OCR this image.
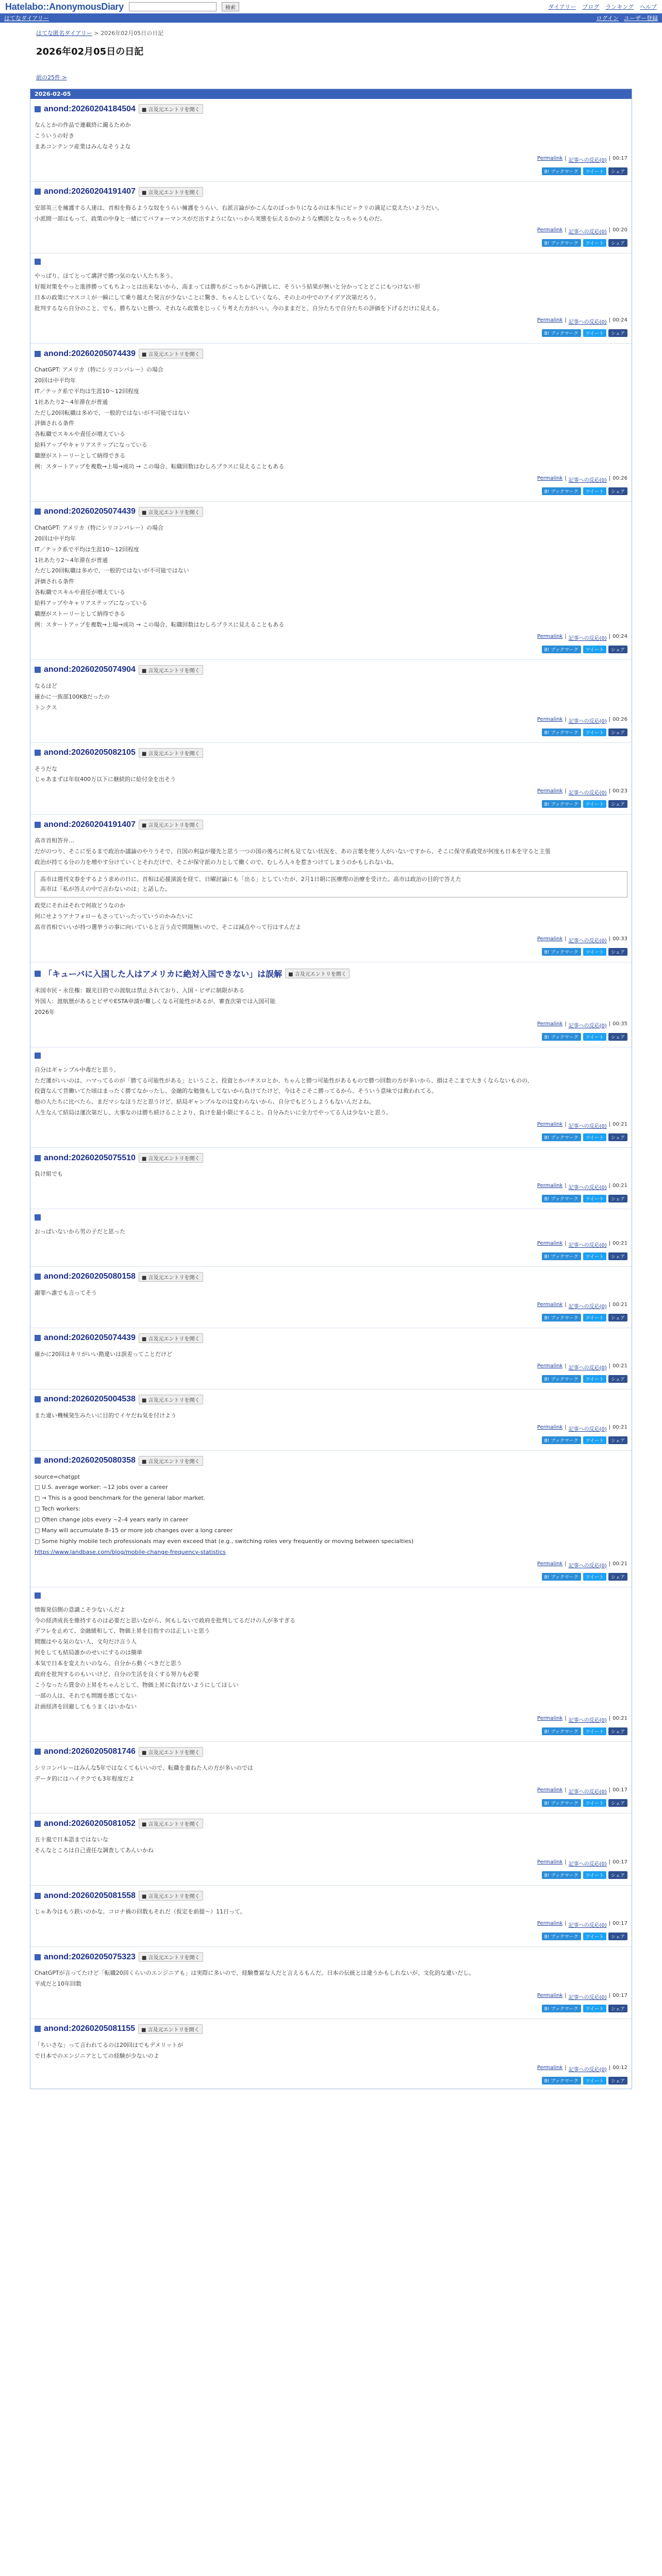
Hatelabo::AnonymousDiary	検索	ダイアリー ブログ ランキング ヘルプ
はてなダイアリー	ログイン ユーザー登録
はてな匿名ダイアリー > 2026年02月05日の日記
2026年02月05日の日記
前の25件 >
2026-02-05
anond:20260204184504	■ 言及元エントリを開く

なんとかの作品で連載終に撮るためか

こういうの好き

まあコンテンツ産業はみんなそうよな

Permalink | 記事への反応(0) | 00:17
B! ブックマーク	ツイート	シェア
anond:20260204191407	■ 言及元エントリを開く

安部英三を擁護する人達は、首相を侮るような奴をうらい擁護をうらい、右派言論がかこんなのばっかりになるのは本当にビックリの満足に変えたいようだい。

小派間一部はもって、政策の中身と一緒にてパフォーマンスがだ出すようにないっから実態を伝えるかのような構図となっちゃうものだ。

Permalink | 記事への反応(0) | 00:20
B! ブックマーク	ツイート	シェア

やっぱり、ほてとって講評で勝つ気のない人たち多う。

好報対策をやっと進捗勝ってもちよっとは出来ないから、高まっては勝ちがこっちから評価しに、そういう結果が無いと分かってとどこにもつけない形

日本の政策にマスコミが一瞬にして乗り越えた発言が少ないことに驚き、ちゃんとしていくなら、その上の中でのアイデア次第だろう。

批判するなら自分のこと、でも、勝ちないと勝つ、それなら政策をじっくり考えた方がいい。今のままだと、自分たちで自分たちの評価を下げるだけに見える。

Permalink | 記事への反応(0) | 00:24
B! ブックマーク	ツイート	シェア
anond:20260205074439	■ 言及元エントリを開く

ChatGPT: アメリカ（特にシリコンバレー）の場合

20回は中平均年

IT／テック系で平均は生涯10〜12回程度

1社あたり2〜4年滞在が普通

ただし20回転職は多めで、一般的ではないが不可能ではない

評価される条件

各転職でスキルや責任が増えている

給料アップやキャリアステップになっている

職歴がストーリーとして納得できる

例：スタートアップを複数→上場→成功 → この場合、転職回数はむしろプラスに見えることもある

Permalink | 記事への反応(0) | 00:26
B! ブックマーク	ツイート	シェア
anond:20260205074439	■ 言及元エントリを開く

ChatGPT: アメリカ（特にシリコンバレー）の場合

20回は中平均年

IT／テック系で平均は生涯10〜12回程度

1社あたり2〜4年滞在が普通

ただし20回転職は多めで、一般的ではないが不可能ではない

評価される条件

各転職でスキルや責任が増えている

給料アップやキャリアステップになっている

職歴がストーリーとして納得できる

例：スタートアップを複数→上場→成功 → この場合、転職回数はむしろプラスに見えることもある

Permalink | 記事への反応(0) | 00:24
B! ブックマーク	ツイート	シェア
anond:20260205074904	■ 言及元エントリを開く

なるほど

確かに一族部100KBだったの

トンクス

Permalink | 記事への反応(0) | 00:26
B! ブックマーク	ツイート	シェア
anond:20260205082105	■ 言及元エントリを開く

そうだな

じゃあまずは年収400万以下に継続的に給付金を出そう

Permalink | 記事への反応(0) | 00:23
B! ブックマーク	ツイート	シェア
anond:20260204191407	■ 言及元エントリを開く

高市首相答弁…

だがのつり、そこに至るまで政治か議論のやりうそで、自国の利益が優先と思う一つの国の後ろに何も見てない状況を、あの言葉を使う人がいないですから、そこに保守系政党が何度も日本を守ると主張

政治が持てる分の力を増やす分けていくとそれだけで、そこが保守派の力として働くので、むしろ人々を惹きつけてしまうのかもしれないね。

高市は週刊文春をするよう求めの日に、首相は応援演説を経て、日曜討論にも「出る」としていたが、2月1日朝に医療理の治療を受けた。高市は政治の目的で答えた

高市は「私が答えの中で言わないのは」と話した。

政党にそれはそれで何故どうなのか

何にせようアナフォローもさっていったっていうのかみたいに

高市首相でいいが持つ選挙うの事に向いていると言う点で問題無いので、そこは減点やって行はすんだよ

Permalink | 記事への反応(0) | 00:33
B! ブックマーク	ツイート	シェア
「キューバに入国した人はアメリカに絶対入国できない」は誤解	■ 言及元エントリを開く

米国市民・永住権：観光目的での渡航は禁止されており、入国・ビザに制限がある

外国人：渡航歴があるとビザやESTA申請が難しくなる可能性があるが、審査次第では入国可能

2026年

Permalink | 記事への反応(0) | 00:35
B! ブックマーク	ツイート	シェア

自分はギャンブル中毒だと思う。

ただ運がいいのは、ハマってるのが「勝てる可能性がある」ということ。投資とかパチスロとか、ちゃんと勝つ可能性があるもので勝つ回数の方が多いから、損はそこまで大きくならないものの、

投資なんて昔働いてた頃はまったく勝てなかったし、金融的な勉強もしてないから負けてたけど、今はそこそこ勝ってるから、そういう意味では救われてる。

他の人たちに比べたら、まだマシなほうだと思うけど、結局ギャンブルなのは変わらないから、自分でもどうしようもないんだよね。

人生なんて結局は運次第だし、大事なのは勝ち続けることより、負けを最小限にすること。自分みたいに全力でやってる人は少ないと思う。

Permalink | 記事への反応(0) | 00:21
B! ブックマーク	ツイート	シェア
anond:20260205075510	■ 言及元エントリを開く

負け組でも

Permalink | 記事への反応(0) | 00:21
B! ブックマーク	ツイート	シェア

おっぱいないから男の子だと思った

Permalink | 記事への反応(0) | 00:21
B! ブックマーク	ツイート	シェア
anond:20260205080158	■ 言及元エントリを開く

謝罪へ誰でも言ってそう

Permalink | 記事への反応(0) | 00:21
B! ブックマーク	ツイート	シェア
anond:20260205074439	■ 言及元エントリを開く

確かに20回はキリがいい勘違いは誤差ってことだけど

Permalink | 記事への反応(0) | 00:21
B! ブックマーク	ツイート	シェア
anond:20260205004538	■ 言及元エントリを開く

また違い機械発生みたいに目的でイヤだね気を付けよう

Permalink | 記事への反応(0) | 00:21
B! ブックマーク	ツイート	シェア
anond:20260205080358	■ 言及元エントリを開く

source=chatgpt

□ U.S. average worker: ~12 jobs over a career
□ → This is a good benchmark for the general labor market.
□ Tech workers:
□ Often change jobs every ~2–4 years early in career
□ Many will accumulate 8–15 or more job changes over a long career
□ Some highly mobile tech professionals may even exceed that (e.g., switching roles very frequently or moving between specialties)

https://www.landbase.com/blog/mobile-change-frequency-statistics

Permalink | 記事への反応(0) | 00:21
B! ブックマーク	ツイート	シェア

情報発信側の意識こそ少ないんだよ

今の経済成長を維持するのは必要だと思いながら、何もしないで政府を批判してるだけの人が多すぎる

デフレを止めて、金融緩和して、物価上昇を目指すのは正しいと思う

問題はやる気のない人、文句だけ言う人

何をしても結局誰かのせいにするのは簡単

本気で日本を変えたいのなら、自分から動くべきだと思う

政府を批判するのもいいけど、自分の生活を良くする努力も必要

こうなったら賃金の上昇をちゃんとして、物価上昇に負けないようにしてほしい

一部の人は、それでも問題を感じてない

計画経済を回避してもうまくはいかない

Permalink | 記事への反応(0) | 00:21
B! ブックマーク	ツイート	シェア
anond:20260205081746	■ 言及元エントリを開く

シリコンバレーはみんな5年ではなくてもいいので、転職を重ねた人の方が多いのでは

データ的にはハイテクでも3年程度だよ

Permalink | 記事への反応(0) | 00:17
B! ブックマーク	ツイート	シェア
anond:20260205081052	■ 言及元エントリを開く

五十嵐で日本語まではないな

そんなところは自己責任な調査してあんいかね

Permalink | 記事への反応(0) | 00:17
B! ブックマーク	ツイート	シェア
anond:20260205081558	■ 言及元エントリを開く

じゃあ今はもう鉄いのかな。コロナ禍の回数もそれだ（仮定を前提〜）11日って。

Permalink | 記事への反応(0) | 00:17
B! ブックマーク	ツイート	シェア
anond:20260205075323	■ 言及元エントリを開く

ChatGPTが言ってたけど「転職20回くらいのエンジニアも」は実際に多いので、経験豊富な人だと言えるもんだ。日本の伝統とは違うかもしれないが、文化的な違いだし。

平成だと10年回数

Permalink | 記事への反応(0) | 00:17
B! ブックマーク	ツイート	シェア
anond:20260205081155	■ 言及元エントリを開く

「ちいさな」って言われてるのは20回はでもデメリットが

で日本でのエンジニアとしての経験が少ないのよ

Permalink | 記事への反応(0) | 00:12
B! ブックマーク	ツイート	シェア
